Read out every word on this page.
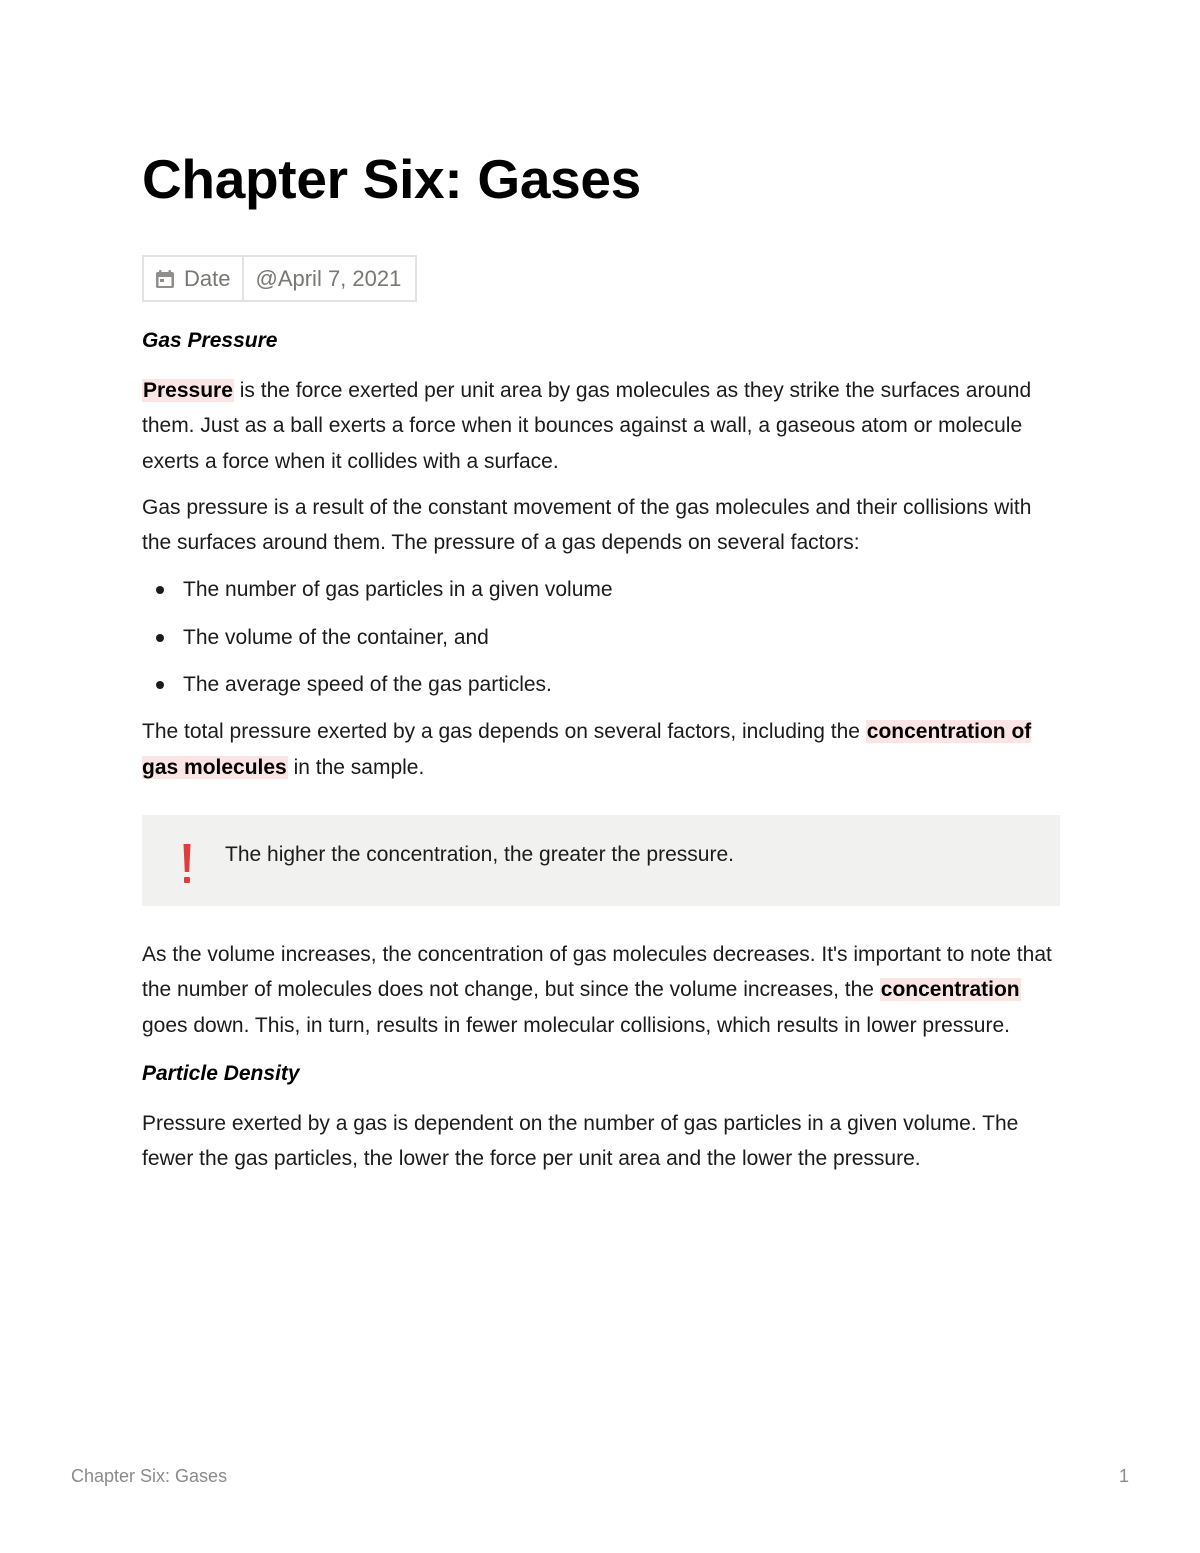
Chapter Six: Gases
Date @April 7, 2021
Gas Pressure

Pressure is the force exerted per unit area by gas molecules as they strike the surfaces around them. Just as a ball exerts a force when it bounces against a wall, a gaseous atom or molecule exerts a force when it collides with a surface.

Gas pressure is a result of the constant movement of the gas molecules and their collisions with the surfaces around them. The pressure of a gas depends on several factors:

The number of gas particles in a given volume
The volume of the container, and
The average speed of the gas particles.

The total pressure exerted by a gas depends on several factors, including the concentration of gas molecules in the sample.

The higher the concentration, the greater the pressure.

As the volume increases, the concentration of gas molecules decreases. It's important to note that the number of molecules does not change, but since the volume increases, the concentration goes down. This, in turn, results in fewer molecular collisions, which results in lower pressure.

Particle Density

Pressure exerted by a gas is dependent on the number of gas particles in a given volume. The fewer the gas particles, the lower the force per unit area and the lower the pressure.

Chapter Six: Gases	1
